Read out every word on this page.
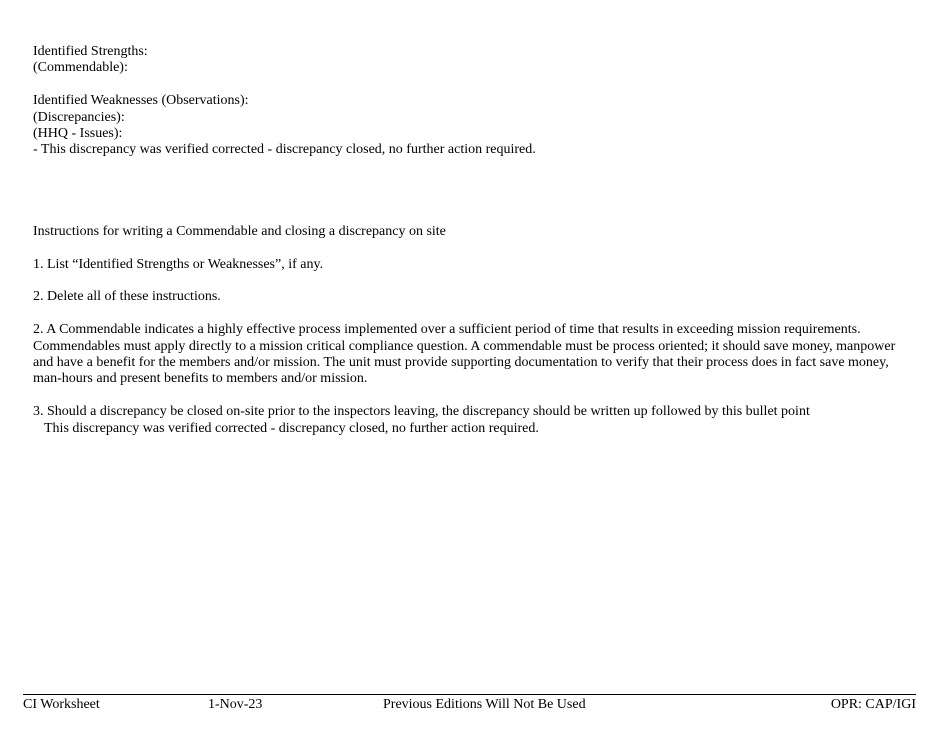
Identified Strengths:
(Commendable):
Identified Weaknesses (Observations):
(Discrepancies):
(HHQ - Issues):
- This discrepancy was verified corrected - discrepancy closed, no further action required.
Instructions for writing a Commendable and closing a discrepancy on site
1. List “Identified Strengths or Weaknesses”, if any.
2. Delete all of these instructions.

2. A Commendable indicates a highly effective process implemented over a sufficient period of time that results in exceeding mission requirements. Commendables must apply directly to a mission critical compliance question. A commendable must be process oriented; it should save money, manpower and have a benefit for the members and/or mission. The unit must provide supporting documentation to verify that their process does in fact save money, man-hours and present benefits to members and/or mission.

3. Should a discrepancy be closed on-site prior to the inspectors leaving, the discrepancy should be written up followed by this bullet point
This discrepancy was verified corrected - discrepancy closed, no further action required.
CI Worksheet	1-Nov-23	Previous Editions Will Not Be Used	OPR: CAP/IGI
